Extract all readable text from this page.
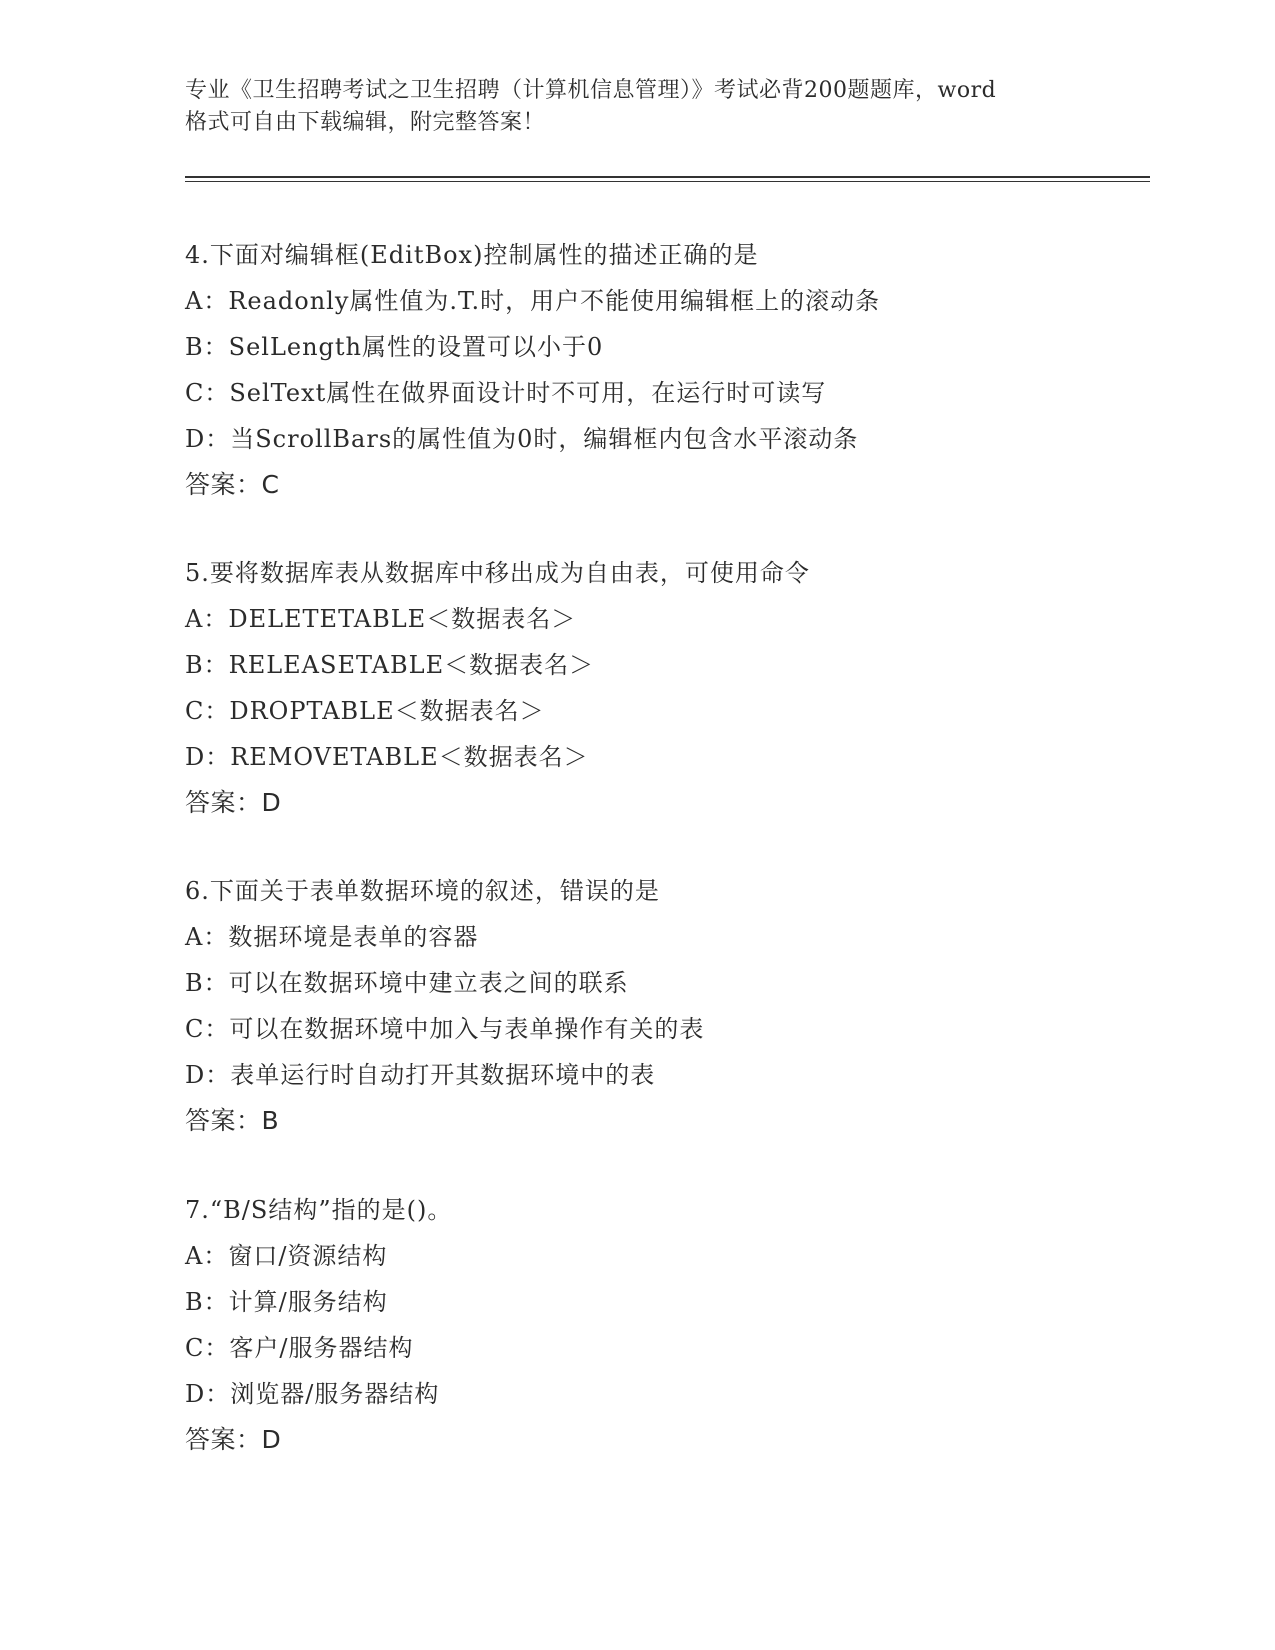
专业《卫生招聘考试之卫生招聘（计算机信息管理）》考试必背200题题库，word
格式可自由下载编辑，附完整答案！
4.下面对编辑框(EditBox)控制属性的描述正确的是
A：Readonly属性值为.T.时，用户不能使用编辑框上的滚动条
B：SelLength属性的设置可以小于0
C：SelText属性在做界面设计时不可用，在运行时可读写
D：当ScrollBars的属性值为0时，编辑框内包含水平滚动条
答案：C
5.要将数据库表从数据库中移出成为自由表，可使用命令
A：DELETETABLE＜数据表名＞
B：RELEASETABLE＜数据表名＞
C：DROPTABLE＜数据表名＞
D：REMOVETABLE＜数据表名＞
答案：D
6.下面关于表单数据环境的叙述，错误的是
A：数据环境是表单的容器
B：可以在数据环境中建立表之间的联系
C：可以在数据环境中加入与表单操作有关的表
D：表单运行时自动打开其数据环境中的表
答案：B
7.“B/S结构”指的是()。
A：窗口/资源结构
B：计算/服务结构
C：客户/服务器结构
D：浏览器/服务器结构
答案：D
